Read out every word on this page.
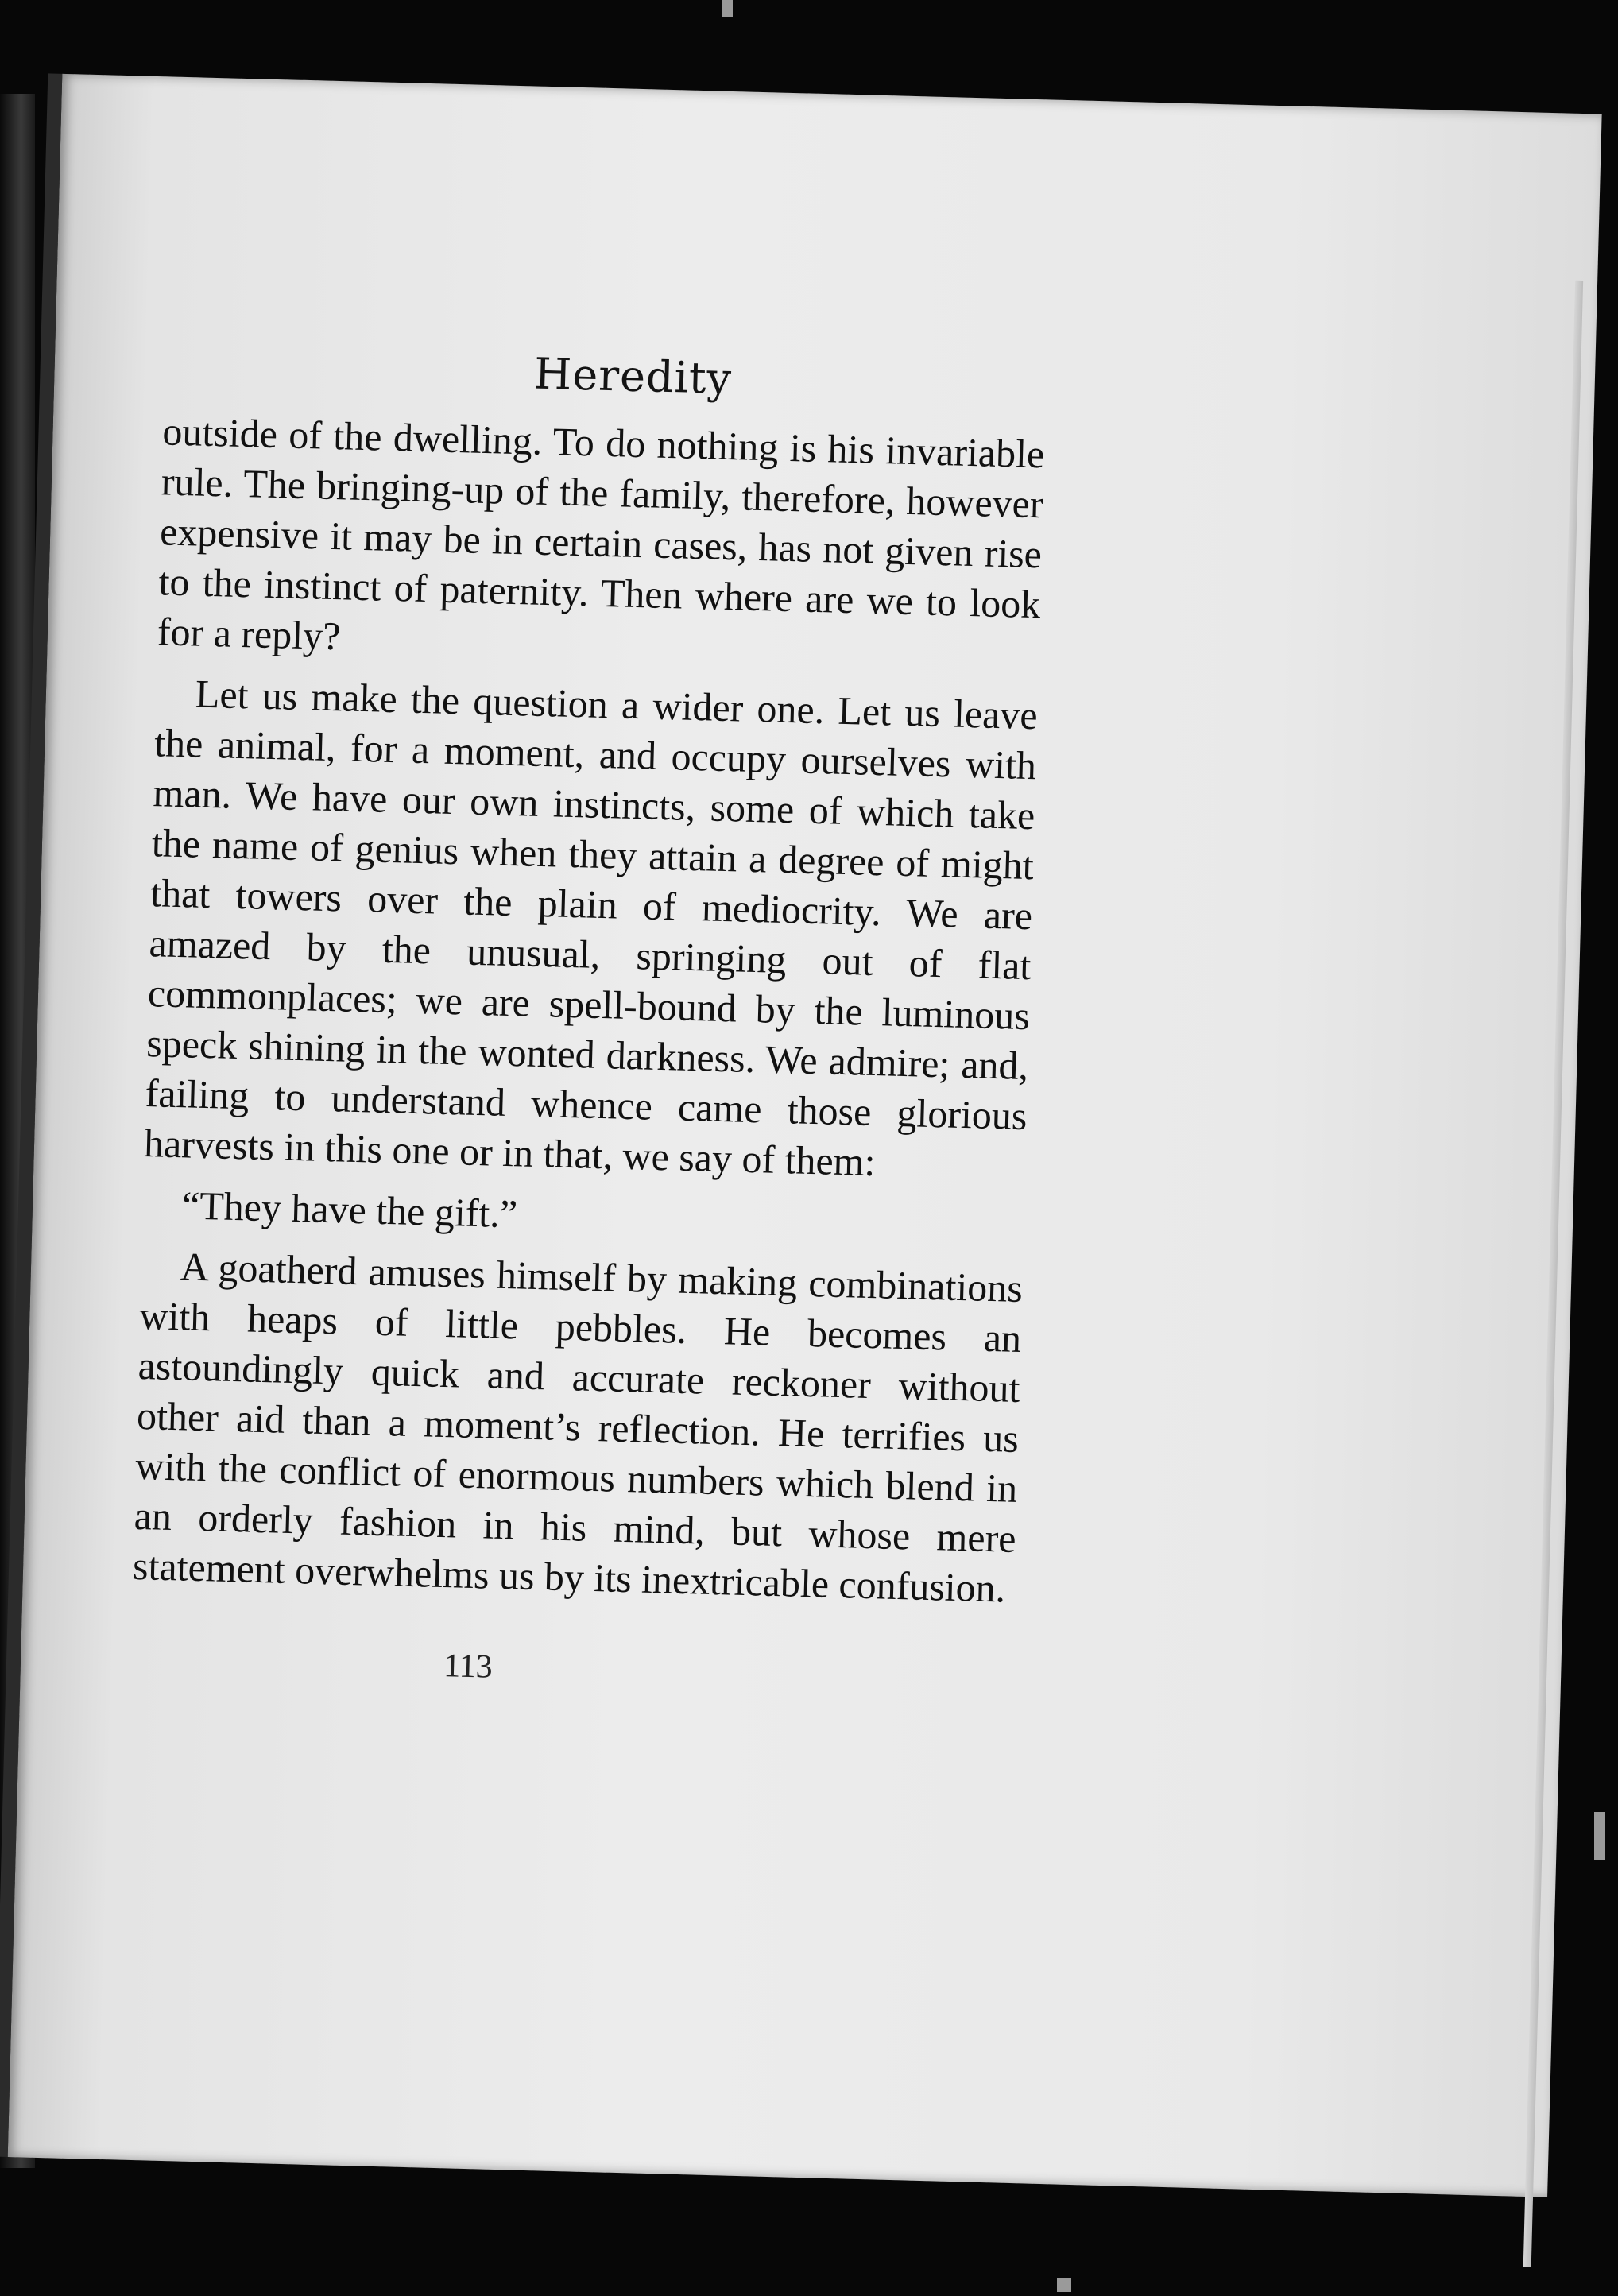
Heredity

outside of the dwelling. To do nothing is his invariable rule. The bringing-up of the family, therefore, however expensive it may be in certain cases, has not given rise to the instinct of paternity. Then where are we to look for a reply?

Let us make the question a wider one. Let us leave the animal, for a moment, and occupy ourselves with man. We have our own instincts, some of which take the name of genius when they attain a degree of might that towers over the plain of mediocrity. We are amazed by the unusual, springing out of flat commonplaces; we are spell-bound by the luminous speck shining in the wonted darkness. We admire; and, failing to understand whence came those glorious harvests in this one or in that, we say of them:

“They have the gift.”

A goatherd amuses himself by making combinations with heaps of little pebbles. He becomes an astoundingly quick and accurate reckoner without other aid than a moment’s reflection. He terrifies us with the conflict of enormous numbers which blend in an orderly fashion in his mind, but whose mere statement overwhelms us by its inextricable confusion.

113
